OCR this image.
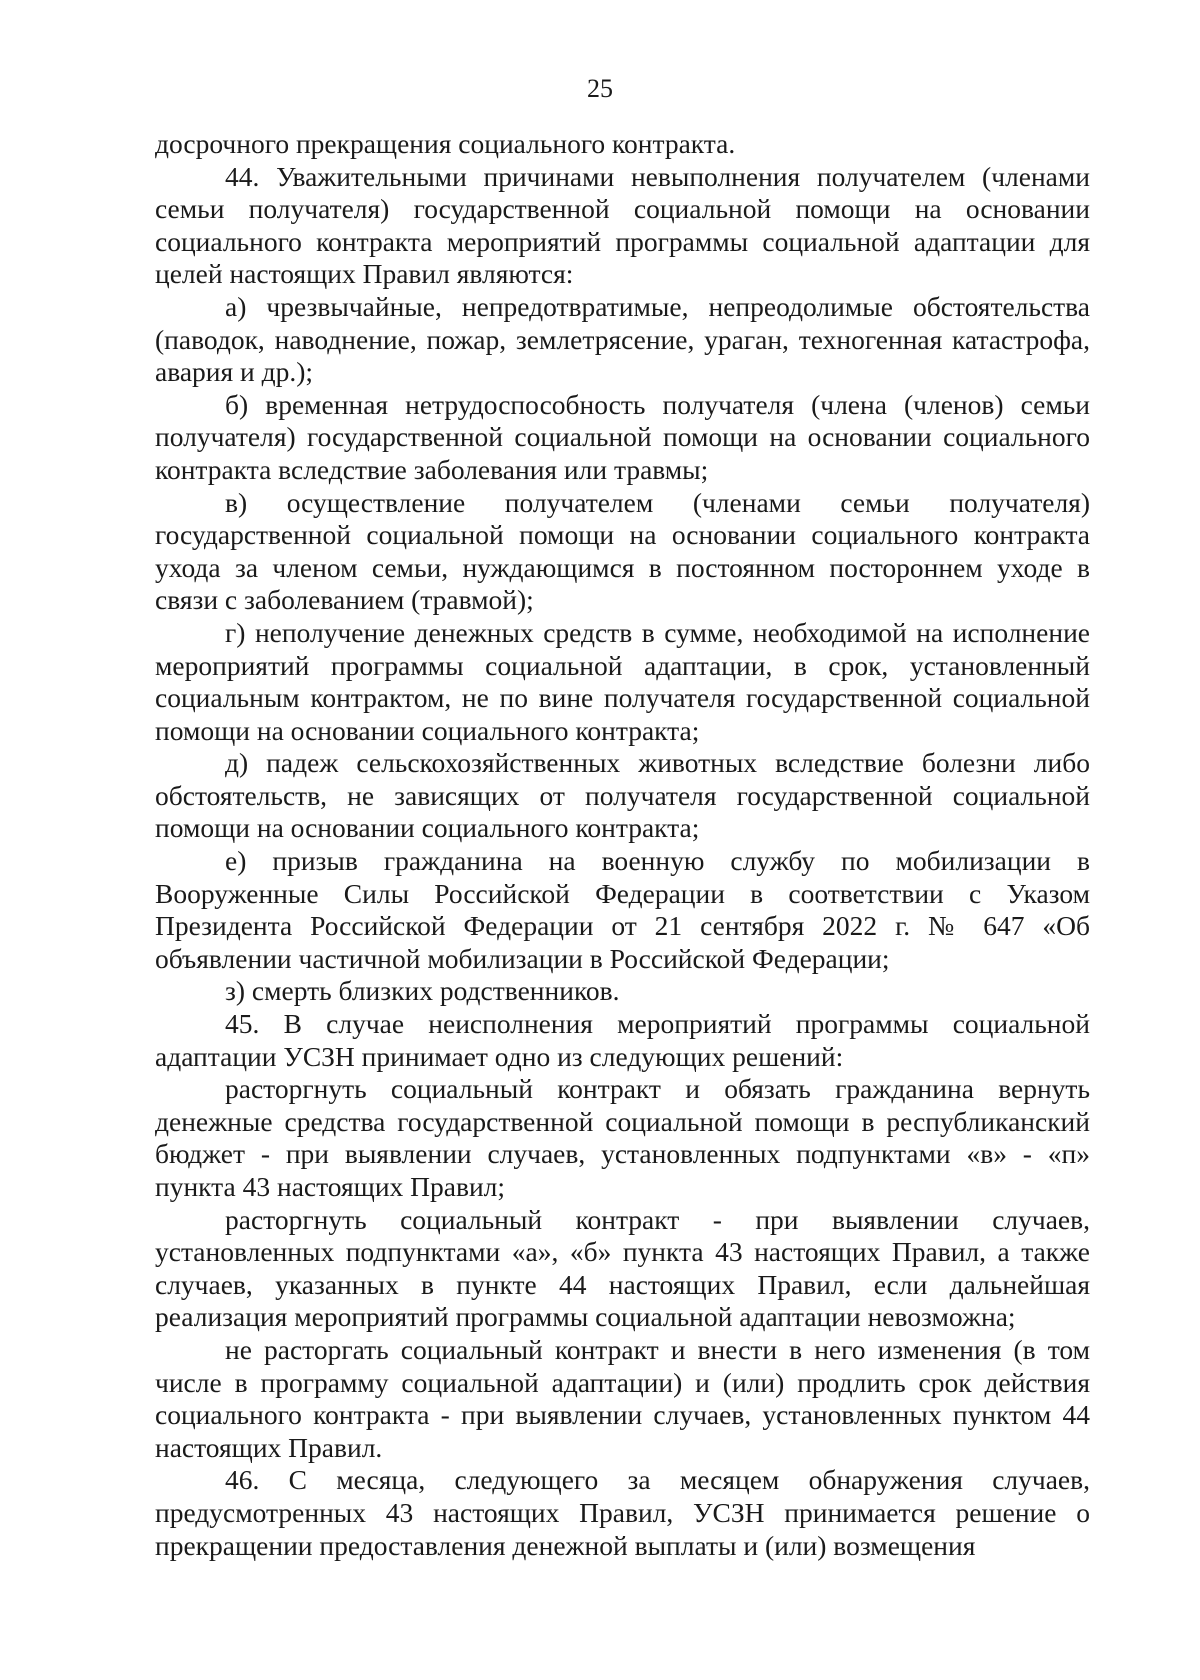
25

досрочного прекращения социального контракта.

44. Уважительными причинами невыполнения получателем (членами семьи получателя) государственной социальной помощи на основании социального контракта мероприятий программы социальной адаптации для целей настоящих Правил являются:

а) чрезвычайные, непредотвратимые, непреодолимые обстоятельства (паводок, наводнение, пожар, землетрясение, ураган, техногенная катастрофа, авария и др.);

б) временная нетрудоспособность получателя (члена (членов) семьи получателя) государственной социальной помощи на основании социального контракта вследствие заболевания или травмы;

в) осуществление получателем (членами семьи получателя) государственной социальной помощи на основании социального контракта ухода за членом семьи, нуждающимся в постоянном постороннем уходе в связи с заболеванием (травмой);

г) неполучение денежных средств в сумме, необходимой на исполнение мероприятий программы социальной адаптации, в срок, установленный социальным контрактом, не по вине получателя государственной социальной помощи на основании социального контракта;

д) падеж сельскохозяйственных животных вследствие болезни либо обстоятельств, не зависящих от получателя государственной социальной помощи на основании социального контракта;

е) призыв гражданина на военную службу по мобилизации в Вооруженные Силы Российской Федерации в соответствии с Указом Президента Российской Федерации от 21 сентября 2022 г. № 647 «Об объявлении частичной мобилизации в Российской Федерации;

з) смерть близких родственников.

45. В случае неисполнения мероприятий программы социальной адаптации УСЗН принимает одно из следующих решений:

расторгнуть социальный контракт и обязать гражданина вернуть денежные средства государственной социальной помощи в республиканский бюджет - при выявлении случаев, установленных подпунктами «в» - «п» пункта 43 настоящих Правил;

расторгнуть социальный контракт - при выявлении случаев, установленных подпунктами «а», «б» пункта 43 настоящих Правил, а также случаев, указанных в пункте 44 настоящих Правил, если дальнейшая реализация мероприятий программы социальной адаптации невозможна;

не расторгать социальный контракт и внести в него изменения (в том числе в программу социальной адаптации) и (или) продлить срок действия социального контракта - при выявлении случаев, установленных пунктом 44 настоящих Правил.

46. С месяца, следующего за месяцем обнаружения случаев, предусмотренных 43 настоящих Правил, УСЗН принимается решение о прекращении предоставления денежной выплаты и (или) возмещения
